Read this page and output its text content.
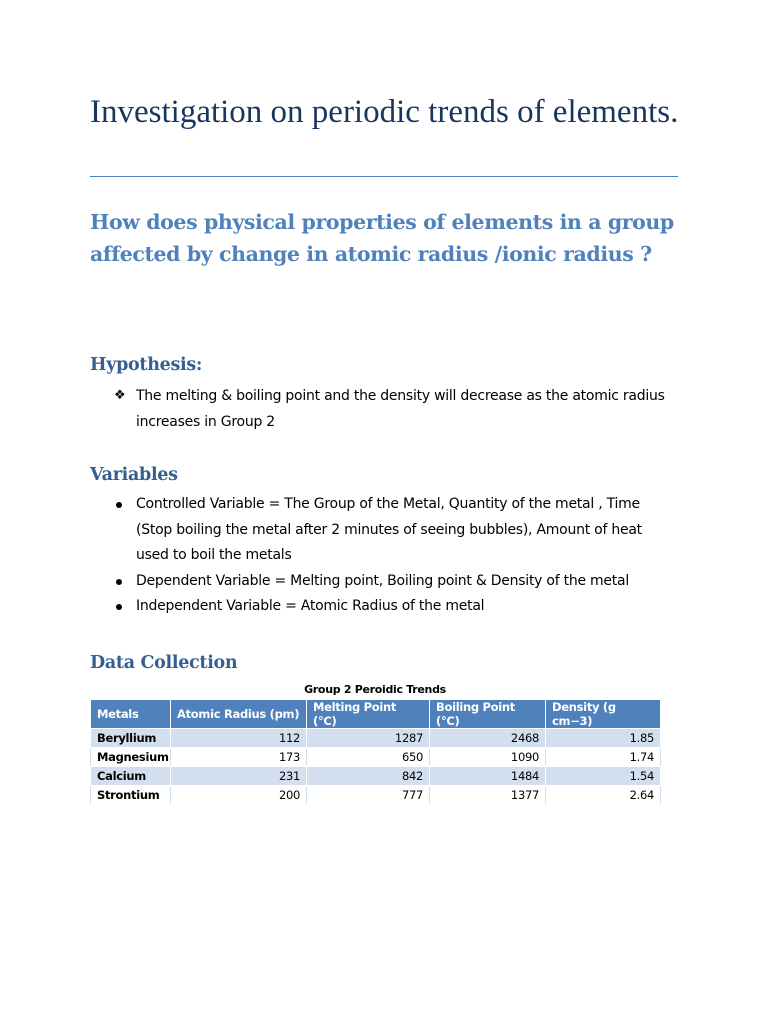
Investigation on periodic trends of elements.
How does physical properties of elements in a group affected by change in atomic radius /ionic radius ?
Hypothesis:
❖ The melting & boiling point and the density will decrease as the atomic radius increases in Group 2
Variables
Controlled Variable = The Group of the Metal, Quantity of the metal , Time (Stop boiling the metal after 2 minutes of seeing bubbles), Amount of heat used to boil the metals
Dependent Variable = Melting point, Boiling point & Density of the metal
Independent Variable = Atomic Radius of the metal
Data Collection
Group 2 Peroidic Trends
Metals	Atomic Radius (pm)	Melting Point (°C)	Boiling Point (°C)	Density (g cm−3)
Beryllium	112	1287	2468	1.85
Magnesium	173	650	1090	1.74
Calcium	231	842	1484	1.54
Strontium	200	777	1377	2.64
